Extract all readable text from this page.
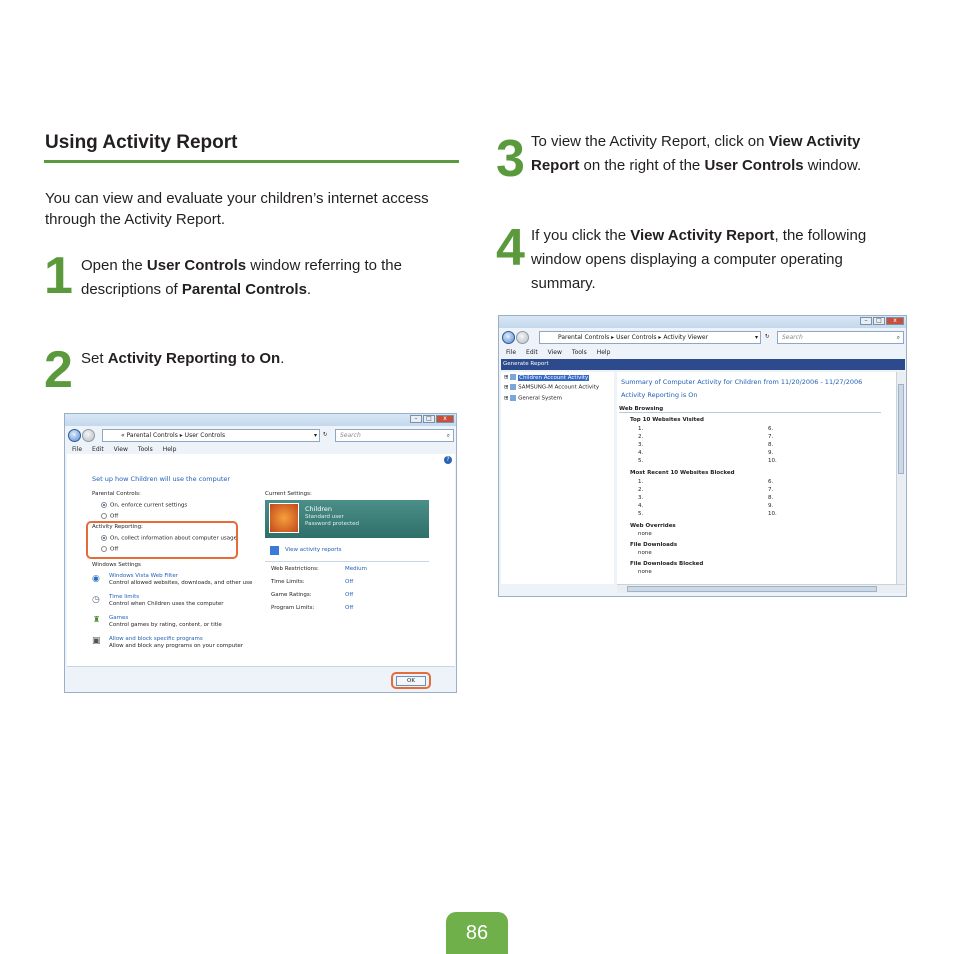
Using Activity Report
You can view and evaluate your children’s internet access through the Activity Report.
1 Open the User Controls window referring to the descriptions of Parental Controls.
2 Set Activity Reporting to On.
–	□	x
‹	›	« Parental Controls ▸ User Controls	▾ ↻	Search	⌕
File Edit View Tools Help
?
Set up how Children will use the computer
Parental Controls:
On, enforce current settings
Off
Activity Reporting:
On, collect information about computer usage
Off
Windows Settings
◉ Windows Vista Web Filter
Control allowed websites, downloads, and other use
◷ Time limits
Control when Children uses the computer
♜ Games
Control games by rating, content, or title
▣ Allow and block specific programs
Allow and block any programs on your computer
Current Settings:
Children
Standard user
Password protected
View activity reports
Web Restrictions:	Medium
Time Limits:	Off
Game Ratings:	Off
Program Limits:	Off
OK
3 To view the Activity Report, click on View Activity Report on the right of the User Controls window.
4 If you click the View Activity Report, the following window opens displaying a computer operating summary.
–	□	x
‹	›	Parental Controls ▸ User Controls ▸ Activity Viewer	▾ ↻	Search	⌕
File Edit View Tools Help
Generate Report
⊞  Children Account Activity
⊞  SAMSUNG-M Account Activity
⊞  General System
Summary of Computer Activity for Children from 11/20/2006 - 11/27/2006
Activity Reporting is On
Web Browsing
Top 10 Websites Visited
1.
2.
3.
4.
5.
6.
7.
8.
9.
10.
Most Recent 10 Websites Blocked
1.
2.
3.
4.
5.
6.
7.
8.
9.
10.
Web Overrides
none
File Downloads
none
File Downloads Blocked
none
86
